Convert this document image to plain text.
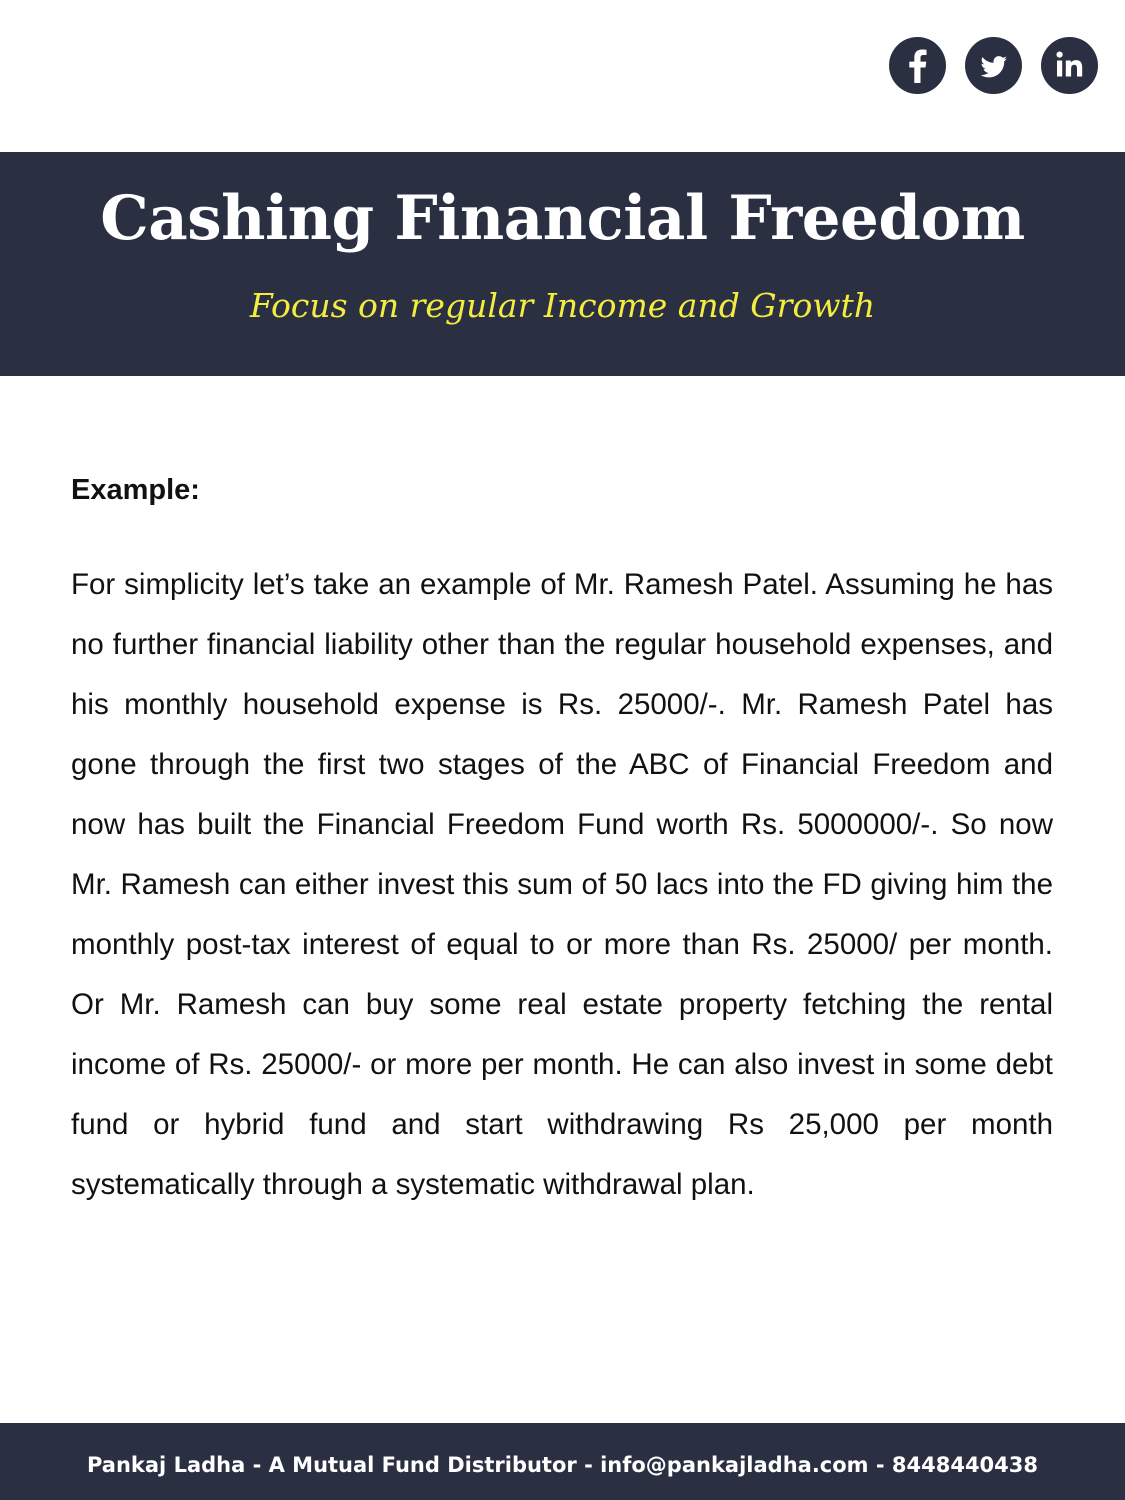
Cashing Financial Freedom

Focus on regular Income and Growth

Example:

For simplicity let’s take an example of Mr. Ramesh Patel. Assuming he has no further financial liability other than the regular household expenses, and his monthly household expense is Rs. 25000/-. Mr. Ramesh Patel has gone through the first two stages of the ABC of Financial Freedom and now has built the Financial Freedom Fund worth Rs. 5000000/-. So now Mr. Ramesh can either invest this sum of 50 lacs into the FD giving him the monthly post-tax interest of equal to or more than Rs. 25000/ per month. Or Mr. Ramesh can buy some real estate property fetching the rental income of Rs. 25000/- or more per month. He can also invest in some debt fund or hybrid fund and start withdrawing Rs 25,000 per month systematically through a systematic withdrawal plan.

Pankaj Ladha - A Mutual Fund Distributor - info@pankajladha.com - 8448440438
